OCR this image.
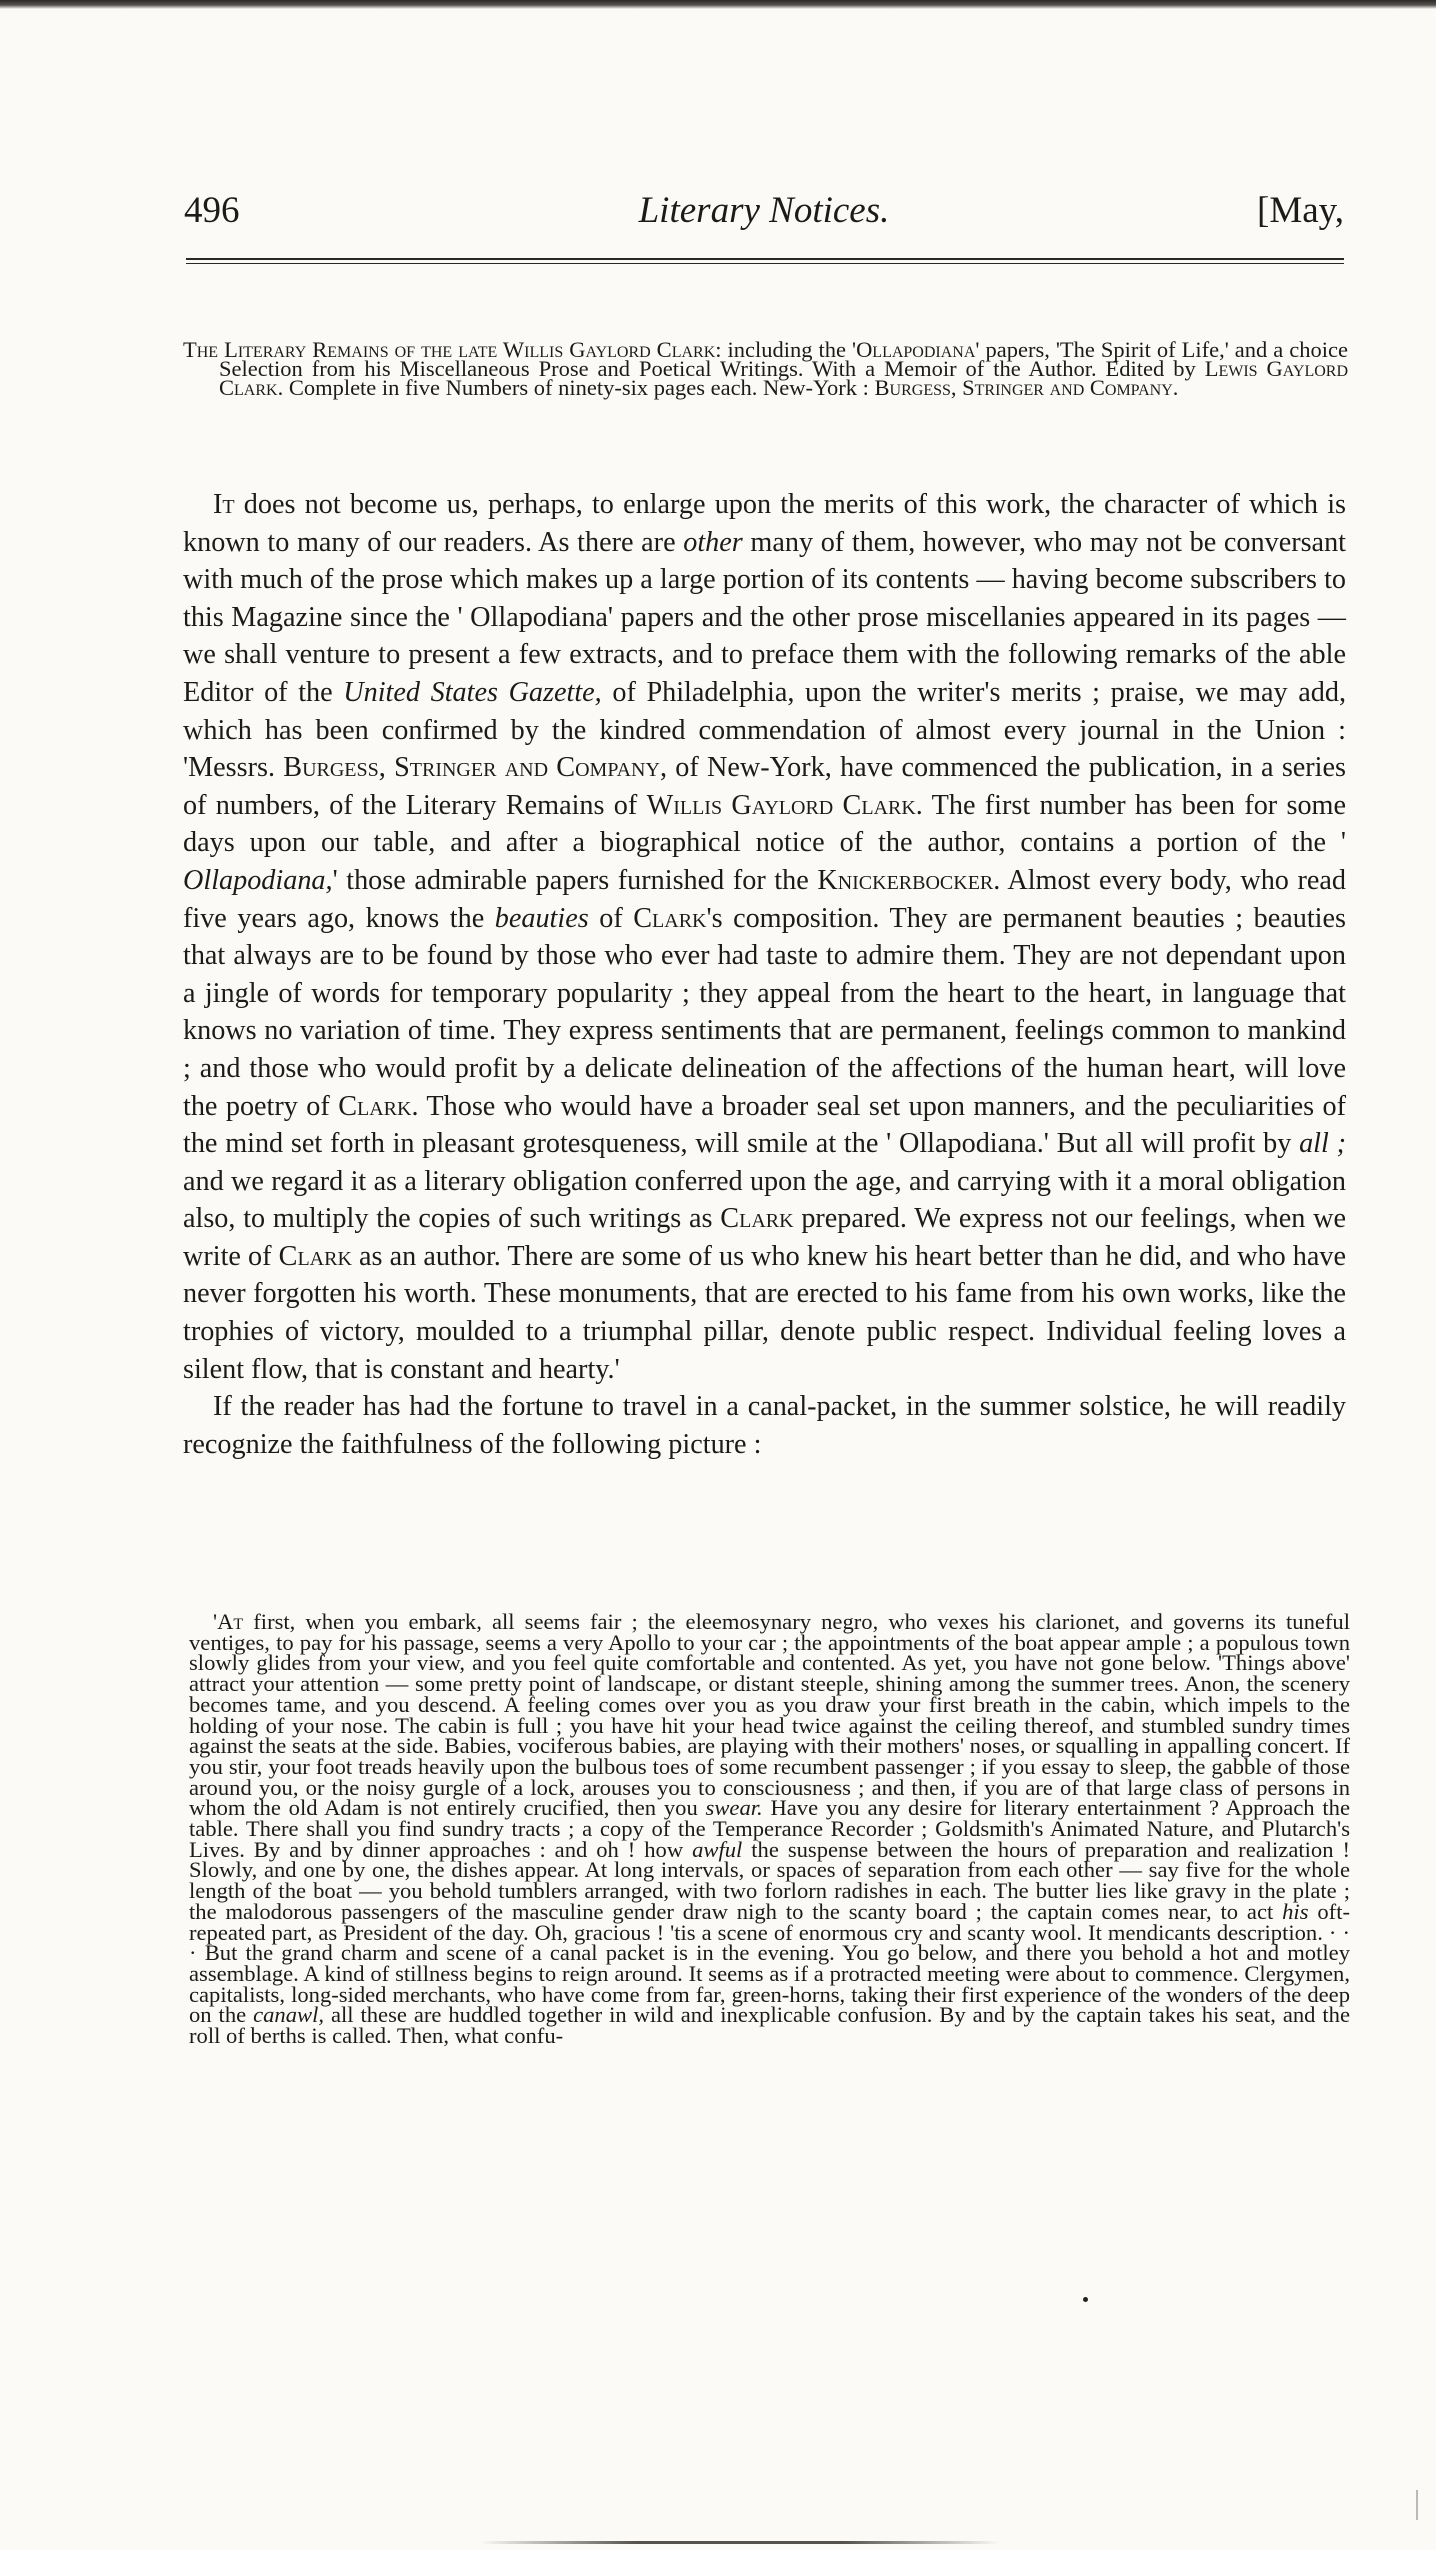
496	Literary Notices.	[May,

The Literary Remains of the late Willis Gaylord Clark: including the 'Ollapodiana' papers, 'The Spirit of Life,' and a choice Selection from his Miscellaneous Prose and Poetical Writings. With a Memoir of the Author. Edited by Lewis Gaylord Clark. Complete in five Numbers of ninety-six pages each. New-York : Burgess, Stringer and Company.

It does not become us, perhaps, to enlarge upon the merits of this work, the character of which is known to many of our readers. As there are other many of them, however, who may not be conversant with much of the prose which makes up a large portion of its contents — having become subscribers to this Magazine since the ' Ollapodiana' papers and the other prose miscellanies appeared in its pages — we shall venture to present a few extracts, and to preface them with the following remarks of the able Editor of the United States Gazette, of Philadelphia, upon the writer's merits ; praise, we may add, which has been confirmed by the kindred commendation of almost every journal in the Union : 'Messrs. Burgess, Stringer and Company, of New-York, have commenced the publication, in a series of numbers, of the Literary Remains of Willis Gaylord Clark. The first number has been for some days upon our table, and after a biographical notice of the author, contains a portion of the ' Ollapodiana,' those admirable papers furnished for the Knickerbocker. Almost every body, who read five years ago, knows the beauties of Clark's composition. They are permanent beauties ; beauties that always are to be found by those who ever had taste to admire them. They are not dependant upon a jingle of words for temporary popularity ; they appeal from the heart to the heart, in language that knows no variation of time. They express sentiments that are permanent, feelings common to mankind ; and those who would profit by a delicate delineation of the affections of the human heart, will love the poetry of Clark. Those who would have a broader seal set upon manners, and the peculiarities of the mind set forth in pleasant grotesqueness, will smile at the ' Ollapodiana.' But all will profit by all ; and we regard it as a literary obligation conferred upon the age, and carrying with it a moral obligation also, to multiply the copies of such writings as Clark prepared. We express not our feelings, when we write of Clark as an author. There are some of us who knew his heart better than he did, and who have never forgotten his worth. These monuments, that are erected to his fame from his own works, like the trophies of victory, moulded to a triumphal pillar, denote public respect. Individual feeling loves a silent flow, that is constant and hearty.'

If the reader has had the fortune to travel in a canal-packet, in the summer solstice, he will readily recognize the faithfulness of the following picture :

'At first, when you embark, all seems fair ; the eleemosynary negro, who vexes his clarionet, and governs its tuneful ventiges, to pay for his passage, seems a very Apollo to your car ; the appointments of the boat appear ample ; a populous town slowly glides from your view, and you feel quite comfortable and contented. As yet, you have not gone below. 'Things above' attract your attention — some pretty point of landscape, or distant steeple, shining among the summer trees. Anon, the scenery becomes tame, and you descend. A feeling comes over you as you draw your first breath in the cabin, which impels to the holding of your nose. The cabin is full ; you have hit your head twice against the ceiling thereof, and stumbled sundry times against the seats at the side. Babies, vociferous babies, are playing with their mothers' noses, or squalling in appalling concert. If you stir, your foot treads heavily upon the bulbous toes of some recumbent passenger ; if you essay to sleep, the gabble of those around you, or the noisy gurgle of a lock, arouses you to consciousness ; and then, if you are of that large class of persons in whom the old Adam is not entirely crucified, then you swear. Have you any desire for literary entertainment ? Approach the table. There shall you find sundry tracts ; a copy of the Temperance Recorder ; Goldsmith's Animated Nature, and Plutarch's Lives. By and by dinner approaches : and oh ! how awful the suspense between the hours of preparation and realization ! Slowly, and one by one, the dishes appear. At long intervals, or spaces of separation from each other — say five for the whole length of the boat — you behold tumblers arranged, with two forlorn radishes in each. The butter lies like gravy in the plate ; the malodorous passengers of the masculine gender draw nigh to the scanty board ; the captain comes near, to act his oft-repeated part, as President of the day. Oh, gracious ! 'tis a scene of enormous cry and scanty wool. It mendicants description. · · · But the grand charm and scene of a canal packet is in the evening. You go below, and there you behold a hot and motley assemblage. A kind of stillness begins to reign around. It seems as if a protracted meeting were about to commence. Clergymen, capitalists, long-sided merchants, who have come from far, green-horns, taking their first experience of the wonders of the deep on the canawl, all these are huddled together in wild and inexplicable confusion. By and by the captain takes his seat, and the roll of berths is called. Then, what confu-
